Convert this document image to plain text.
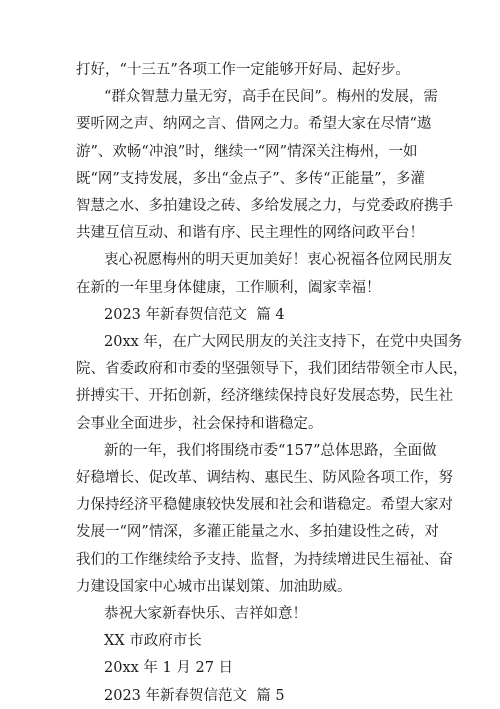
打好，“十三五”各项工作一定能够开好局、起好步。
“群众智慧力量无穷，高手在民间”。梅州的发展，需
要听网之声、纳网之言、借网之力。希望大家在尽情“遨
游”、欢畅“冲浪”时，继续一“网”情深关注梅州，一如
既“网”支持发展，多出“金点子”、多传“正能量”，多灌
智慧之水、多拍建设之砖、多给发展之力，与党委政府携手
共建互信互动、和谐有序、民主理性的网络问政平台！
衷心祝愿梅州的明天更加美好！衷心祝福各位网民朋友
在新的一年里身体健康，工作顺利，阖家幸福！
2023 年新春贺信范文  篇 4
20xx 年，在广大网民朋友的关注支持下，在党中央国务
院、省委政府和市委的坚强领导下，我们团结带领全市人民，
拼搏实干、开拓创新，经济继续保持良好发展态势，民生社
会事业全面进步，社会保持和谐稳定。
新的一年，我们将围绕市委“157”总体思路，全面做
好稳增长、促改革、调结构、惠民生、防风险各项工作，努
力保持经济平稳健康较快发展和社会和谐稳定。希望大家对
发展一“网”情深，多灌正能量之水、多拍建设性之砖，对
我们的工作继续给予支持、监督，为持续增进民生福祉、奋
力建设国家中心城市出谋划策、加油助威。
恭祝大家新春快乐、吉祥如意！
XX 市政府市长
20xx 年 1 月 27 日
2023 年新春贺信范文  篇 5
